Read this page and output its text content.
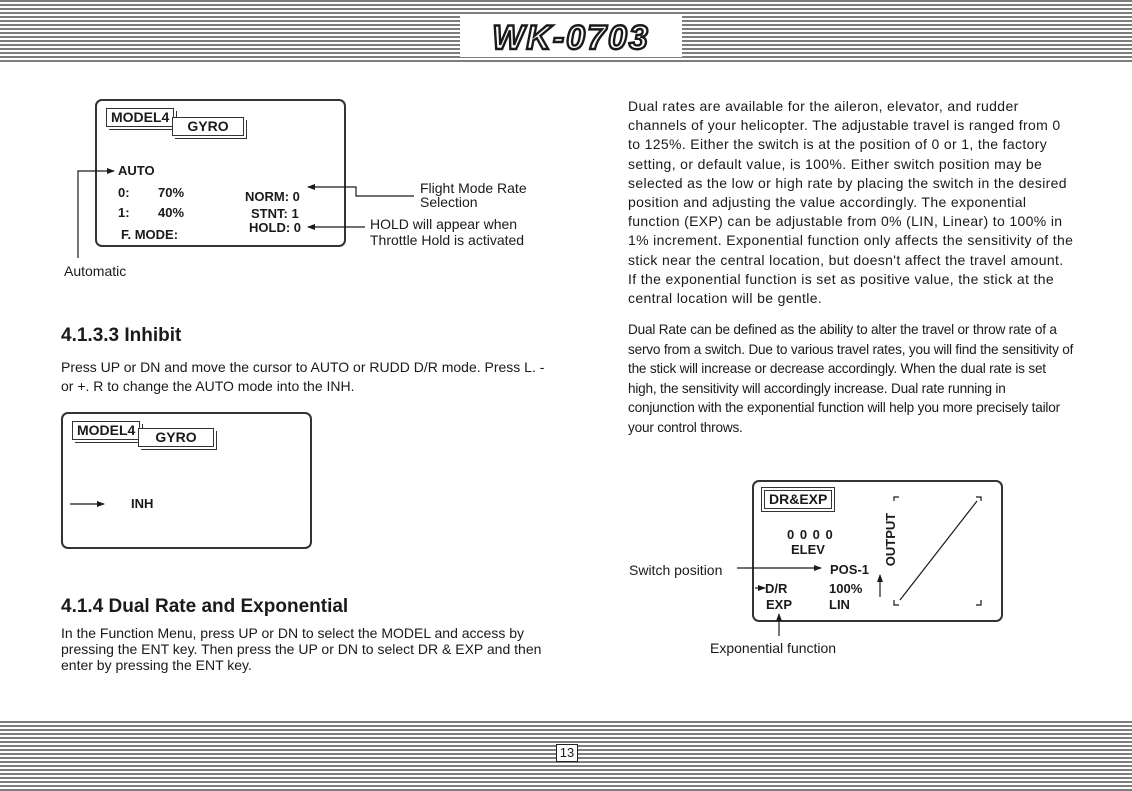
WK-0703
MODEL4
GYRO
AUTO
0: 70%
1: 40%
F. MODE:
NORM: 0
STNT: 1
HOLD: 0
Flight Mode Rate
Selection
HOLD will appear when
Throttle Hold is activated
Automatic
4.1.3.3 Inhibit
Press UP or DN and move the cursor to AUTO or RUDD D/R mode. Press L. - or +. R to change the AUTO mode into the INH.
MODEL4	GYRO
INH
4.1.4 Dual Rate and Exponential
In the Function Menu, press UP or DN to select the MODEL and access by pressing the ENT key. Then press the UP or DN to select DR & EXP and then enter by pressing the ENT key.
Dual rates are available for the aileron, elevator, and rudder channels of your helicopter. The adjustable travel is ranged from 0 to 125%. Either the switch is at the position of 0 or 1, the factory setting, or default value, is 100%. Either switch position may be selected as the low or high rate by placing the switch in the desired position and adjusting the value accordingly. The exponential function (EXP) can be adjustable from 0% (LIN, Linear) to 100% in 1% increment. Exponential function only affects the sensitivity of the stick near the central location, but doesn't affect the travel amount. If the exponential function is set as positive value, the stick at the central location will be gentle.
Dual Rate can be defined as the ability to alter the travel or throw rate of a servo from a switch. Due to various travel rates, you will find the sensitivity of the stick will increase or decrease accordingly. When the dual rate is set high, the sensitivity will accordingly increase. Dual rate running in conjunction with the exponential function will help you more precisely tailor your control throws.
DR&EXP
0 0 0 0
ELEV
POS-1
D/R	100%
EXP	LIN
OUTPUT
Switch position
Exponential function
13
